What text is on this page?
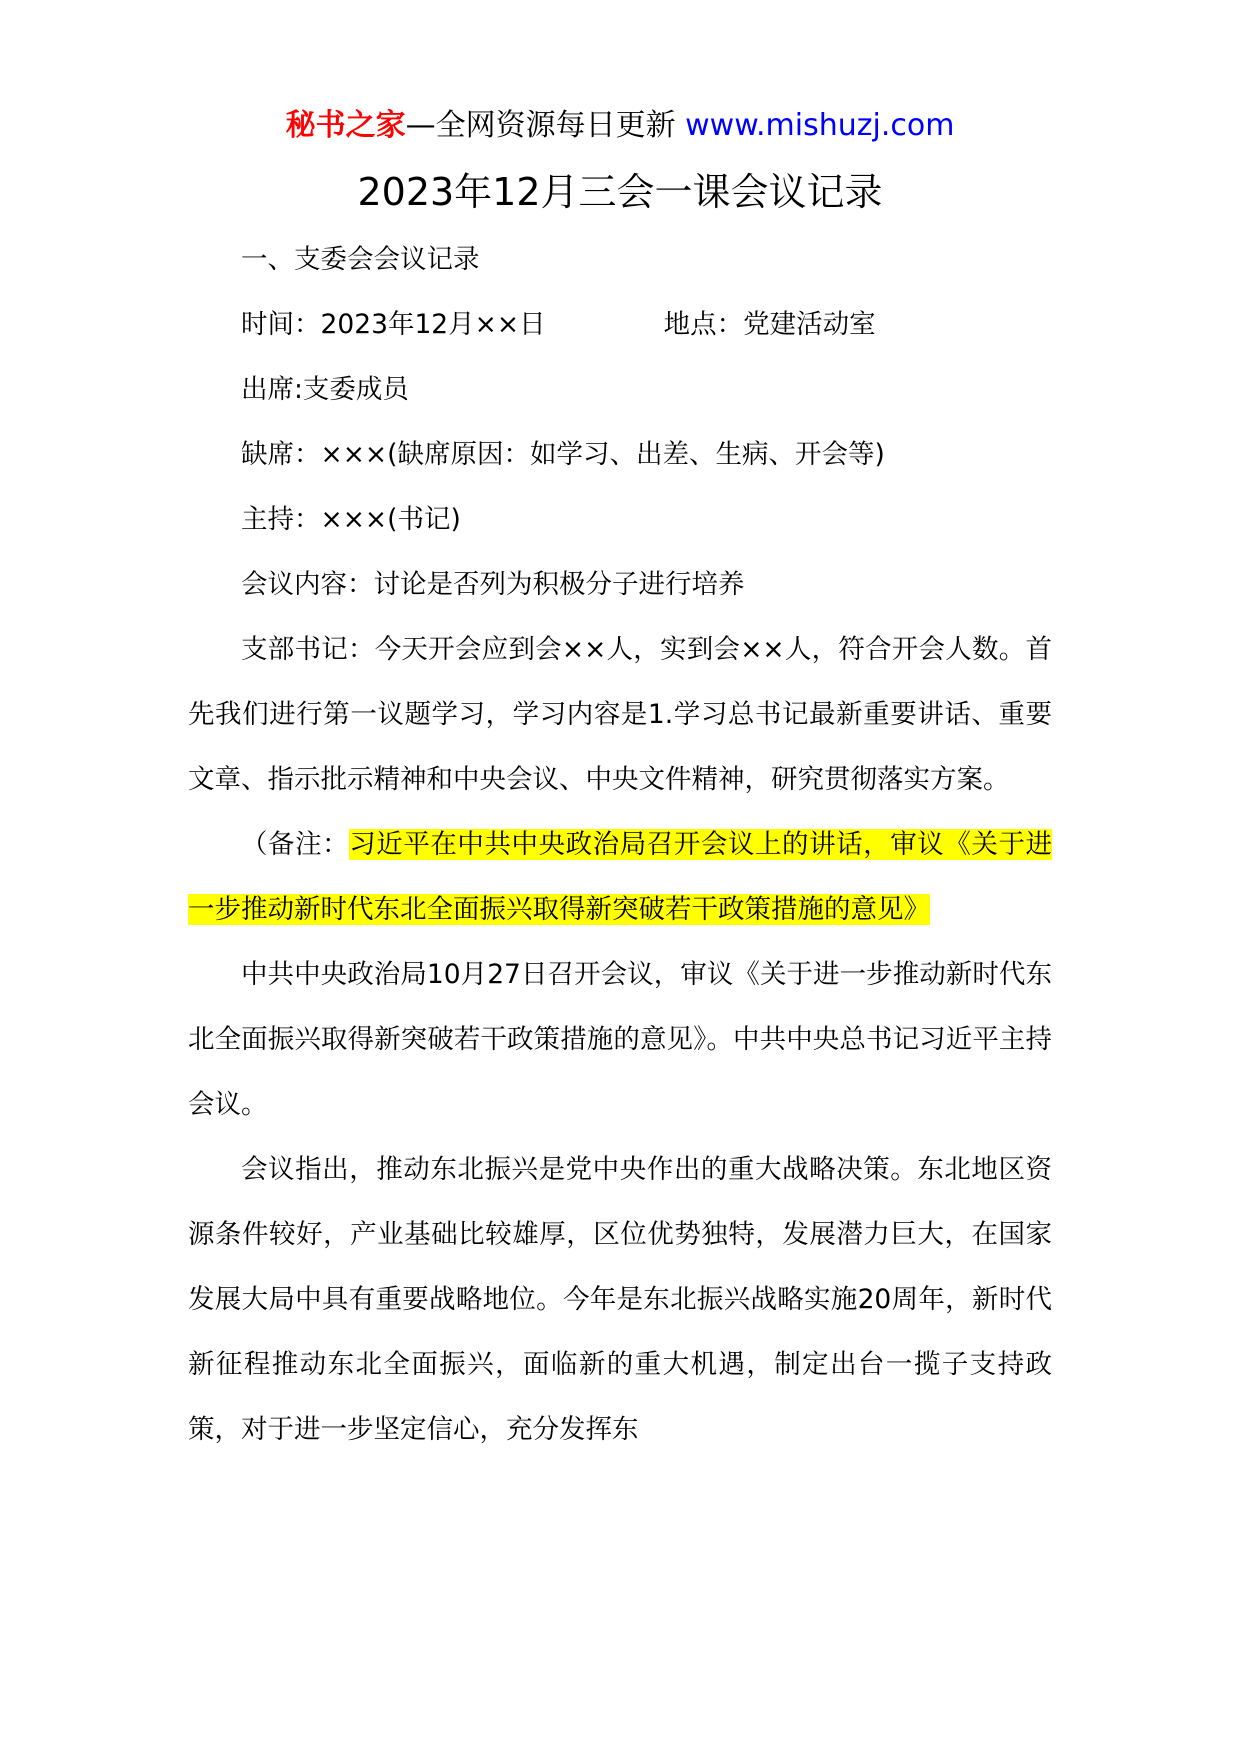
秘书之家—全网资源每日更新 www.mishuzj.com
2023年12月三会一课会议记录

一、支委会会议记录

时间：2023年12月××日	地点：党建活动室

出席:支委成员

缺席：×××(缺席原因：如学习、出差、生病、开会等)

主持：×××(书记)

会议内容：讨论是否列为积极分子进行培养

支部书记：今天开会应到会××人，实到会××人，符合开会人数。首先我们进行第一议题学习，学习内容是1.学习总书记最新重要讲话、重要文章、指示批示精神和中央会议、中央文件精神，研究贯彻落实方案。

（备注：习近平在中共中央政治局召开会议上的讲话，审议《关于进一步推动新时代东北全面振兴取得新突破若干政策措施的意见》

中共中央政治局10月27日召开会议，审议《关于进一步推动新时代东北全面振兴取得新突破若干政策措施的意见》。中共中央总书记习近平主持会议。

会议指出，推动东北振兴是党中央作出的重大战略决策。东北地区资源条件较好，产业基础比较雄厚，区位优势独特，发展潜力巨大，在国家发展大局中具有重要战略地位。今年是东北振兴战略实施20周年，新时代新征程推动东北全面振兴，面临新的重大机遇，制定出台一揽子支持政策，对于进一步坚定信心，充分发挥东
